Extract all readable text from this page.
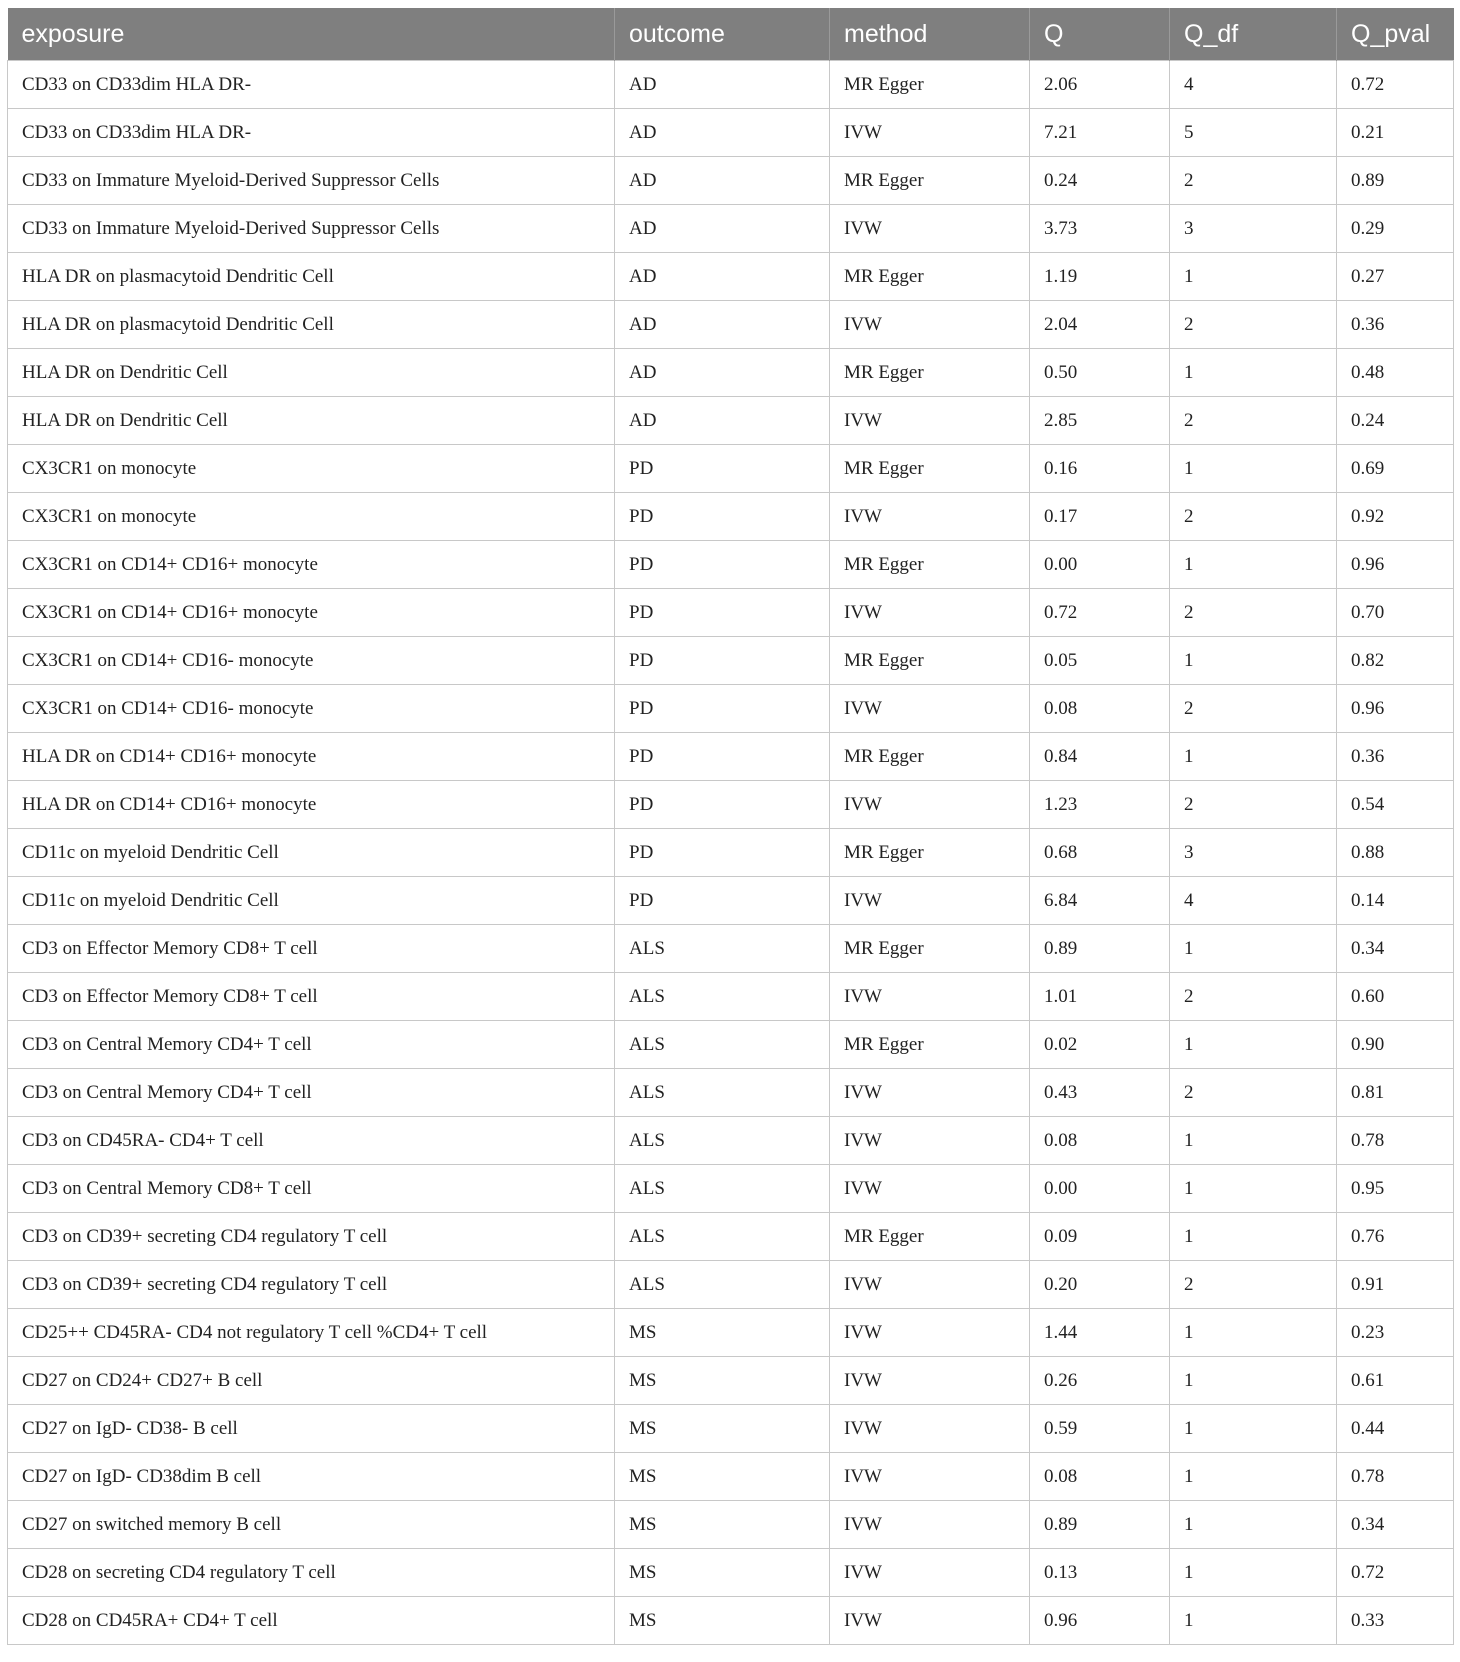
exposure	outcome	method	Q	Q_df	Q_pval
CD33 on CD33dim HLA DR-	AD	MR Egger	2.06	4	0.72
CD33 on CD33dim HLA DR-	AD	IVW	7.21	5	0.21
CD33 on Immature Myeloid-Derived Suppressor Cells	AD	MR Egger	0.24	2	0.89
CD33 on Immature Myeloid-Derived Suppressor Cells	AD	IVW	3.73	3	0.29
HLA DR on plasmacytoid Dendritic Cell	AD	MR Egger	1.19	1	0.27
HLA DR on plasmacytoid Dendritic Cell	AD	IVW	2.04	2	0.36
HLA DR on Dendritic Cell	AD	MR Egger	0.50	1	0.48
HLA DR on Dendritic Cell	AD	IVW	2.85	2	0.24
CX3CR1 on monocyte	PD	MR Egger	0.16	1	0.69
CX3CR1 on monocyte	PD	IVW	0.17	2	0.92
CX3CR1 on CD14+ CD16+ monocyte	PD	MR Egger	0.00	1	0.96
CX3CR1 on CD14+ CD16+ monocyte	PD	IVW	0.72	2	0.70
CX3CR1 on CD14+ CD16- monocyte	PD	MR Egger	0.05	1	0.82
CX3CR1 on CD14+ CD16- monocyte	PD	IVW	0.08	2	0.96
HLA DR on CD14+ CD16+ monocyte	PD	MR Egger	0.84	1	0.36
HLA DR on CD14+ CD16+ monocyte	PD	IVW	1.23	2	0.54
CD11c on myeloid Dendritic Cell	PD	MR Egger	0.68	3	0.88
CD11c on myeloid Dendritic Cell	PD	IVW	6.84	4	0.14
CD3 on Effector Memory CD8+ T cell	ALS	MR Egger	0.89	1	0.34
CD3 on Effector Memory CD8+ T cell	ALS	IVW	1.01	2	0.60
CD3 on Central Memory CD4+ T cell	ALS	MR Egger	0.02	1	0.90
CD3 on Central Memory CD4+ T cell	ALS	IVW	0.43	2	0.81
CD3 on CD45RA- CD4+ T cell	ALS	IVW	0.08	1	0.78
CD3 on Central Memory CD8+ T cell	ALS	IVW	0.00	1	0.95
CD3 on CD39+ secreting CD4 regulatory T cell	ALS	MR Egger	0.09	1	0.76
CD3 on CD39+ secreting CD4 regulatory T cell	ALS	IVW	0.20	2	0.91
CD25++ CD45RA- CD4 not regulatory T cell %CD4+ T cell	MS	IVW	1.44	1	0.23
CD27 on CD24+ CD27+ B cell	MS	IVW	0.26	1	0.61
CD27 on IgD- CD38- B cell	MS	IVW	0.59	1	0.44
CD27 on IgD- CD38dim B cell	MS	IVW	0.08	1	0.78
CD27 on switched memory B cell	MS	IVW	0.89	1	0.34
CD28 on secreting CD4 regulatory T cell	MS	IVW	0.13	1	0.72
CD28 on CD45RA+ CD4+ T cell	MS	IVW	0.96	1	0.33
